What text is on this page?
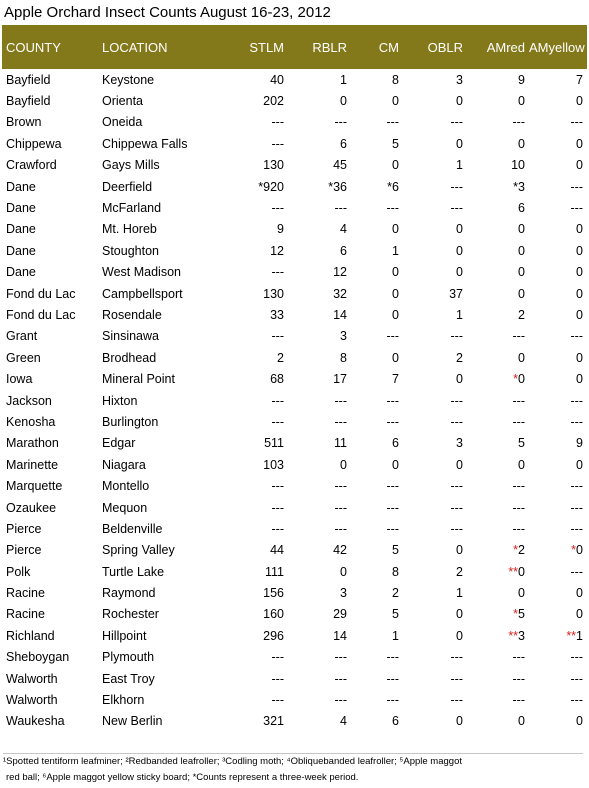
Apple Orchard Insect Counts August 16-23, 2012
COUNTY	LOCATION	STLM	RBLR	CM	OBLR	AMred	AMyellow
Bayfield	Keystone	40	1	8	3	9	7
Bayfield	Orienta	202	0	0	0	0	0
Brown	Oneida	---	---	---	---	---	---
Chippewa	Chippewa Falls	---	6	5	0	0	0
Crawford	Gays Mills	130	45	0	1	10	0
Dane	Deerfield	*920	*36	*6	---	*3	---
Dane	McFarland	---	---	---	---	6	---
Dane	Mt. Horeb	9	4	0	0	0	0
Dane	Stoughton	12	6	1	0	0	0
Dane	West Madison	---	12	0	0	0	0
Fond du Lac	Campbellsport	130	32	0	37	0	0
Fond du Lac	Rosendale	33	14	0	1	2	0
Grant	Sinsinawa	---	3	---	---	---	---
Green	Brodhead	2	8	0	2	0	0
Iowa	Mineral Point	68	17	7	0	*0	0
Jackson	Hixton	---	---	---	---	---	---
Kenosha	Burlington	---	---	---	---	---	---
Marathon	Edgar	511	11	6	3	5	9
Marinette	Niagara	103	0	0	0	0	0
Marquette	Montello	---	---	---	---	---	---
Ozaukee	Mequon	---	---	---	---	---	---
Pierce	Beldenville	---	---	---	---	---	---
Pierce	Spring Valley	44	42	5	0	*2	*0
Polk	Turtle Lake	111	0	8	2	**0	---
Racine	Raymond	156	3	2	1	0	0
Racine	Rochester	160	29	5	0	*5	0
Richland	Hillpoint	296	14	1	0	**3	**1
Sheboygan	Plymouth	---	---	---	---	---	---
Walworth	East Troy	---	---	---	---	---	---
Walworth	Elkhorn	---	---	---	---	---	---
Waukesha	New Berlin	321	4	6	0	0	0
¹Spotted tentiform leafminer; ²Redbanded leafroller; ³Codling moth; ⁴Obliquebanded leafroller; ⁵Apple maggot
red ball; ⁶Apple maggot yellow sticky board; *Counts represent a three-week period.
